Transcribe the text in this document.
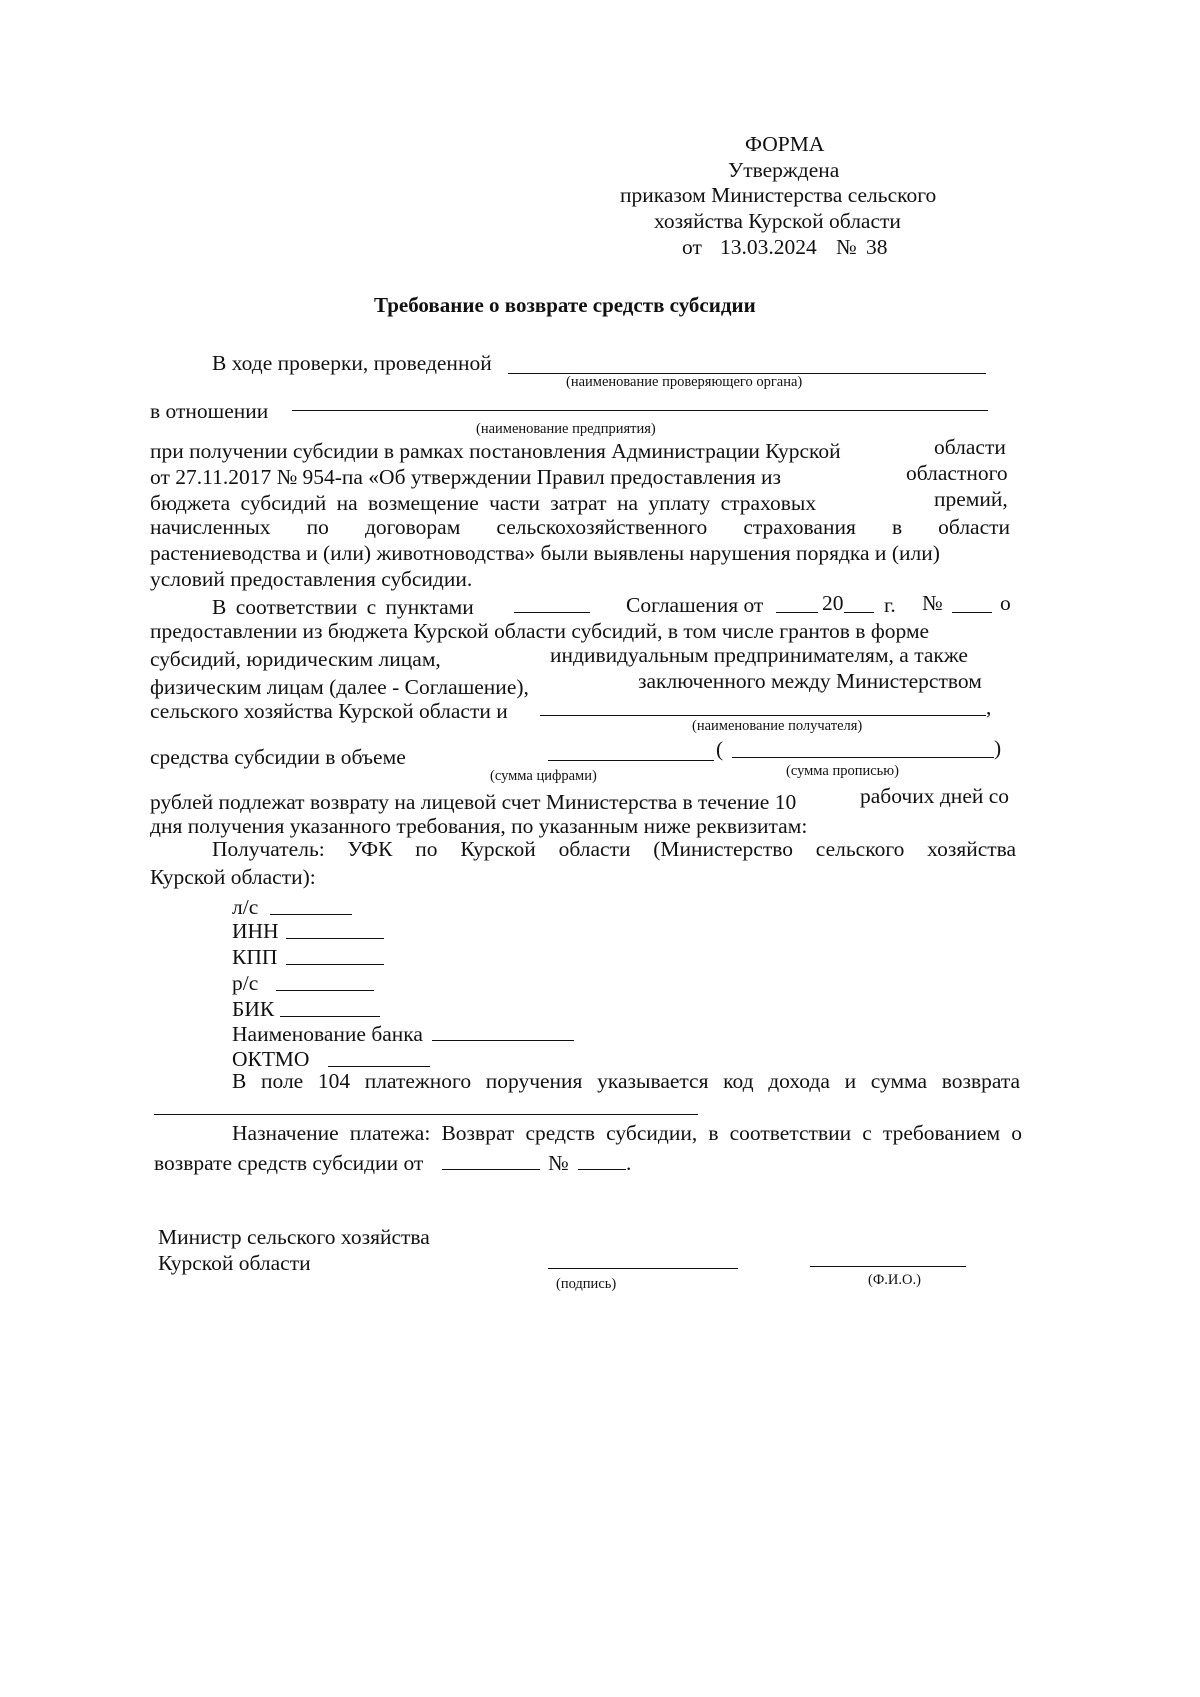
ФОРМА
Утверждена
приказом Министерства сельского
хозяйства Курской области
от 13.03.2024 № 38
Требование о возврате средств субсидии
В ходе проверки, проведенной
(наименование проверяющего органа)
в отношении
(наименование предприятия)
при получении субсидии в рамках постановления Администрации Курской	области
от 27.11.2017 № 954-па «Об утверждении Правил предоставления из	областного
бюджета субсидий на возмещение части затрат на уплату страховых	премий,
начисленных по договорам сельскохозяйственного страхования в области
растениеводства и (или) животноводства» были выявлены нарушения порядка и (или)
условий предоставления субсидии.
В соответствии с пунктами	Соглашения от	20 г. №	о
предоставлении из бюджета Курской области субсидий, в том числе грантов в форме
субсидий, юридическим лицам,	индивидуальным предпринимателям, а также
физическим лицам (далее - Соглашение),	заключенного между Министерством
сельского хозяйства Курской области и	,
(наименование получателя)
средства субсидии в объеме	(	)
(сумма цифрами)	(сумма прописью)
рублей подлежат возврату на лицевой счет Министерства в течение 10	рабочих дней со
дня получения указанного требования, по указанным ниже реквизитам:
Получатель: УФК по Курской области (Министерство сельского хозяйства
Курской области):
л/с
ИНН
КПП
р/с
БИК
Наименование банка
ОКТМО
В поле 104 платежного поручения указывается код дохода и сумма возврата
Назначение платежа: Возврат средств субсидии, в соответствии с требованием о
возврате средств субсидии от	№	.
Министр сельского хозяйства
Курской области
(подпись)	(Ф.И.О.)
